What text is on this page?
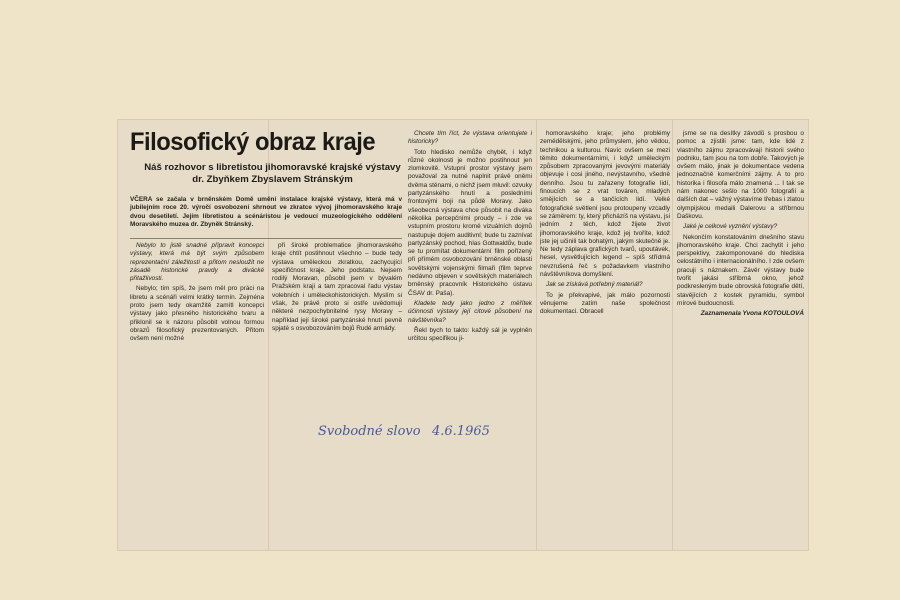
Filosofický obraz kraje
Náš rozhovor s libretistou jihomoravské krajské výstavy dr. Zbyňkem Zbyslavem Stránským
VČERA se začala v brněnském Domě umění instalace krajské výstavy, která má v jubilejním roce 20. výročí osvobození shrnout ve zkratce vývoj jihomoravského kraje dvou desetiletí. Jejím libretistou a scénáristou je vedoucí muzeologického oddělení Moravského muzea dr. Zbyněk Stránský.

Nebylo to jistě snadné připravit koncepci výstavy, která má být svým způsobem reprezentační záležitostí a přitom nesloužit ne zásadě historické pravdy a divácké přitažlivosti.

Nebylo; tím spíš, že jsem měl pro práci na libretu a scénáři velmi krátký termín. Zejména proto jsem tedy okamžitě zamítl koncepci výstavy jako přesného historického tvaru a přiklonil se k názoru působit volnou formou obrazů filosofický prezentovaných. Přitom ovšem není možné

při široké problematice jihomoravského kraje chtít postihnout všechno – bude tedy výstava uměleckou zkratkou, zachycující specifičnost kraje. Jeho podstatu. Nejsem rodilý Moravan, působil jsem v bývalém Pražském kraji a tam zpracoval řadu výstav volebních i uměleckohistorických. Myslím si však, že právě proto si ostře uvědomuji některé nezpochybnitelné rysy Moravy – například její široké partyzánské hnutí pevně spjaté s osvobozováním bojů Rudé armády.

Chcete tím říct, že výstava orientujete i historicky?

Toto hledisko nemůže chybět, i když různé okolnosti je možno postihnout jen zlomkovitě. Vstupní prostor výstavy jsem považoval za nutné naplnit právě oněmi dvěma stěnami, o nichž jsem mluvil: ozvuky partyzánského hnutí a posledními frontovými boji na půdě Moravy. Jako všeobecná výstava chce působit na diváka několika percepčními proudy – i zde ve vstupním prostoru kromě vizuálních dojmů nastupuje dojem auditivní; bude tu zaznívat partyzánský pochod, hlas Gottwaldův, bude se tu promítat dokumentární film pořízený při přímém osvobozování brněnské oblasti sovětskými vojenskými filmaři (film teprve nedávno objeven v sovětských materiálech brněnský pracovník Historického ústavu ČSAV dr. Paša).

Kladete tedy jako jedno z měřítek účinnosti výstavy její citové působení na návštěvníka?

Řekl bych to takto: každý sál je vyplněn určitou specifikou ji-

homoravského kraje; jeho problémy zemědělskými, jeho průmyslem, jeho vědou, technikou a kulturou. Navíc ovšem se mezi těmito dokumentárními, i když uměleckým způsobem zpracovanými jevovými materiály objevuje i cosi jiného, nevýstavního, všedně denního. Jsou tu zařazeny fotografie lidí, finoucích se z vrat továren, mladých smějících se a tančících lidí. Velké fotografické světlení jsou protoupeny vzcadly se záměrem: ty, který přicházíš na výstavu, jsi jedním z těch, kdož žijete život jihomoravského kraje, kdož jej tvoříte, kdož jste jej učinili tak bohatým, jakým skutečně je. Ne tedy záplava grafických tvarů, upoutávek, hesel, vysvětlujících legend – spíš střídmá nevzrušená řeč s požadavkem vlastního návštěvníkova domyšlení.

Jak se získává potřebný materiál?

To je překvapivé, jak málo pozornosti věnujeme zatím naše společnost dokumentaci. Obracell

jsme se na desítky závodů s prosbou o pomoc a zjistili jsme: tam, kde lidé z vlastního zájmu zpracovávají historii svého podniku, tam jsou na tom dobře. Takových je ovšem málo, jinak je dokumentace vedena jednoznačně komerčními zájmy. A to pro historika i filosofa málo znamená ... I tak se nám nakonec sešlo na 1000 fotografií a dalších dat – vážný výstavíme třebas i zlatou olympijskou medaili Dalerovu a stříbrnou Daškovu.

Jaké je celkové vyznění výstavy?

Nekončím konstatováním dnešního stavu jihomoravského kraje. Chci zachytit i jeho perspektivy, zakomponované do hlediska celostátního i internacionálního. I zde ovšem pracuji s náznakem. Závěr výstavy bude tvořit jakási stříbrná okno, jehož podkresleným bude obrovská fotografie dětí, stavějících z kostek pyramidu, symbol mírové budoucnosti.

Zaznamenala Yvona KOTOULOVÁ

Svobodné slovo 4.6.1965
